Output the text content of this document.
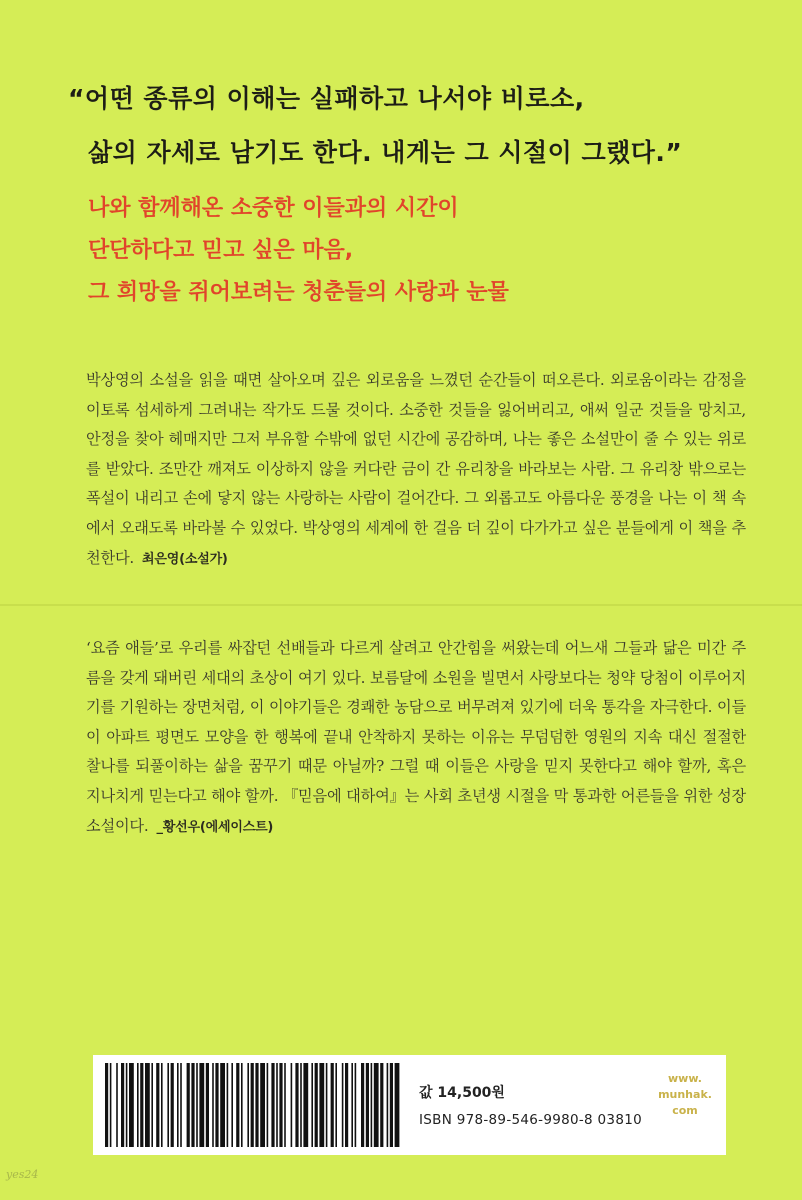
“어떤 종류의 이해는 실패하고 나서야 비로소,
삶의 자세로 남기도 한다. 내게는 그 시절이 그랬다.”
나와 함께해온 소중한 이들과의 시간이
단단하다고 믿고 싶은 마음,
그 희망을 쥐어보려는 청춘들의 사랑과 눈물
박상영의 소설을 읽을 때면 살아오며 깊은 외로움을 느꼈던 순간들이 떠오른다. 외로움이라는 감정을 이토록 섬세하게 그려내는 작가도 드물 것이다. 소중한 것들을 잃어버리고, 애써 일군 것들을 망치고, 안정을 찾아 헤매지만 그저 부유할 수밖에 없던 시간에 공감하며, 나는 좋은 소설만이 줄 수 있는 위로를 받았다. 조만간 깨져도 이상하지 않을 커다란 금이 간 유리창을 바라보는 사람. 그 유리창 밖으로는 폭설이 내리고 손에 닿지 않는 사랑하는 사람이 걸어간다. 그 외롭고도 아름다운 풍경을 나는 이 책 속에서 오래도록 바라볼 수 있었다. 박상영의 세계에 한 걸음 더 깊이 다가가고 싶은 분들에게 이 책을 추천한다. 최은영(소설가)
‘요즘 애들’로 우리를 싸잡던 선배들과 다르게 살려고 안간힘을 써왔는데 어느새 그들과 닮은 미간 주름을 갖게 돼버린 세대의 초상이 여기 있다. 보름달에 소원을 빌면서 사랑보다는 청약 당첨이 이루어지기를 기원하는 장면처럼, 이 이야기들은 경쾌한 농담으로 버무려져 있기에 더욱 통각을 자극한다. 이들이 아파트 평면도 모양을 한 행복에 끝내 안착하지 못하는 이유는 무덤덤한 영원의 지속 대신 절절한 찰나를 되풀이하는 삶을 꿈꾸기 때문 아닐까? 그럴 때 이들은 사랑을 믿지 못한다고 해야 할까, 혹은 지나치게 믿는다고 해야 할까. 『믿음에 대하여』는 사회 초년생 시절을 막 통과한 어른들을 위한 성장소설이다. _황선우(에세이스트)
값 14,500원
ISBN 978-89-546-9980-8 03810
www.
munhak.
com
yes24
